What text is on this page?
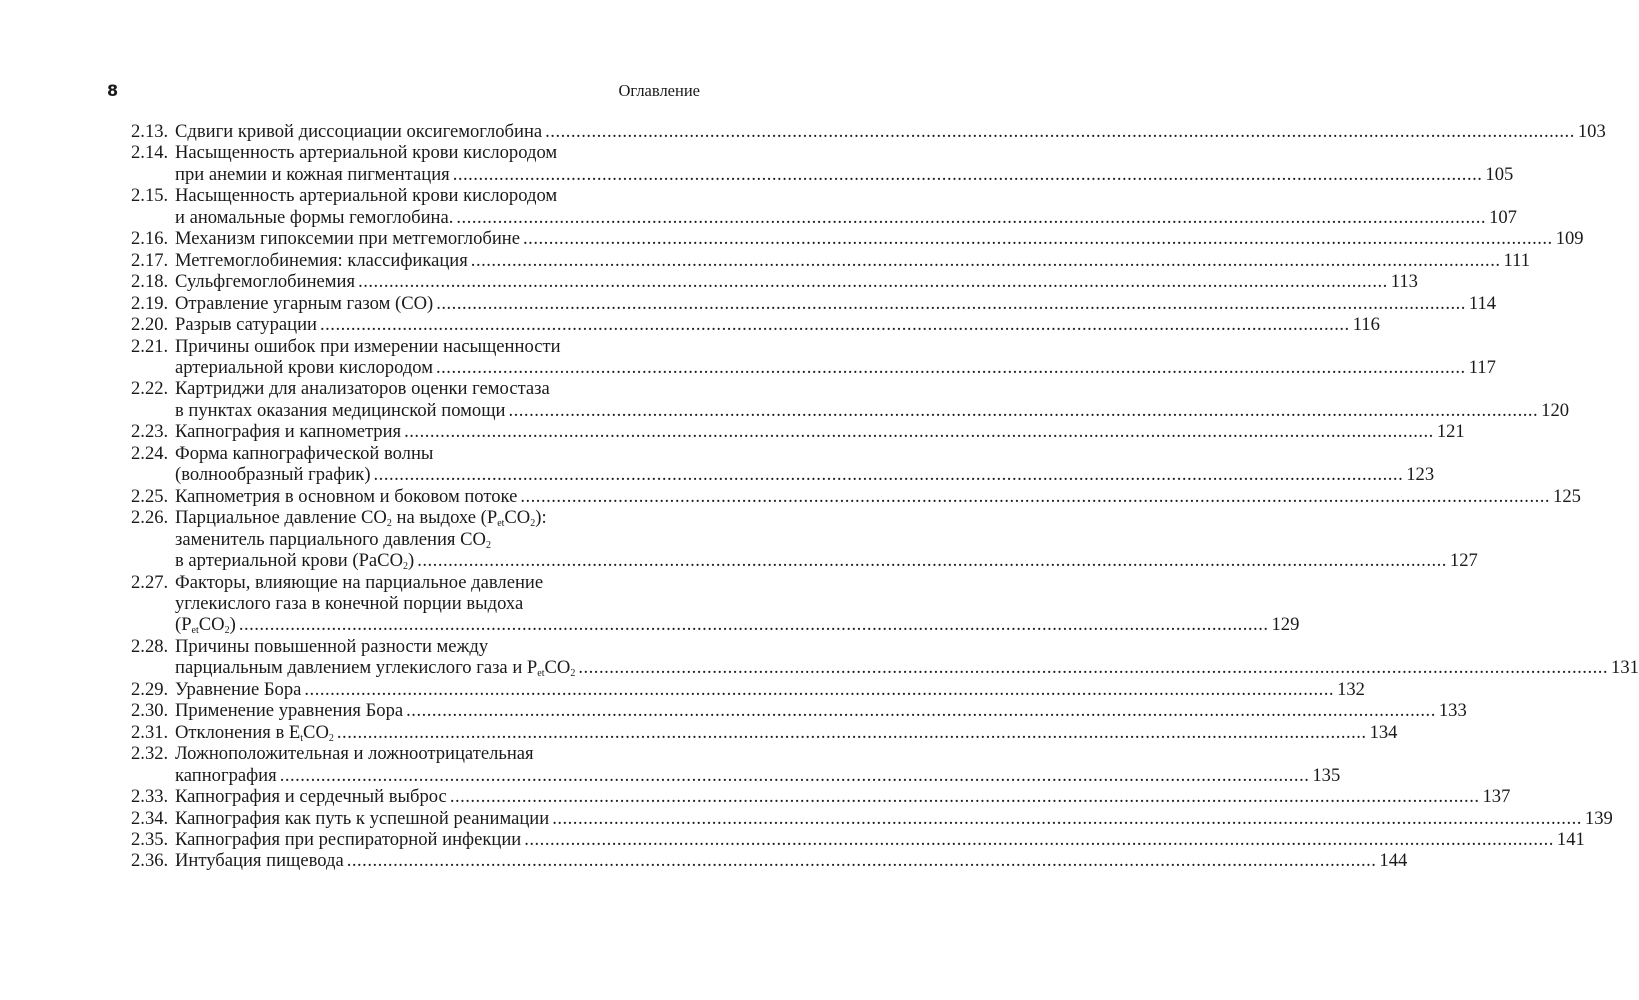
8	Оглавление
2.13. Сдвиги кривой диссоциации оксигемоглобина ........................................................................................................................................................................................................ 103
2.14. Насыщенность артериальной крови кислородом
при анемии и кожная пигментация ........................................................................................................................................................................................................ 105
2.15. Насыщенность артериальной крови кислородом
и аномальные формы гемоглобина. ........................................................................................................................................................................................................ 107
2.16. Механизм гипоксемии при метгемоглобине ........................................................................................................................................................................................................ 109
2.17. Метгемоглобинемия: классификация ........................................................................................................................................................................................................ 111
2.18. Сульфгемоглобинемия ........................................................................................................................................................................................................ 113
2.19. Отравление угарным газом (СО) ........................................................................................................................................................................................................ 114
2.20. Разрыв сатурации ........................................................................................................................................................................................................ 116
2.21. Причины ошибок при измерении насыщенности
артериальной крови кислородом ........................................................................................................................................................................................................ 117
2.22. Картриджи для анализаторов оценки гемостаза
в пунктах оказания медицинской помощи ........................................................................................................................................................................................................ 120
2.23. Капнография и капнометрия ........................................................................................................................................................................................................ 121
2.24. Форма капнографической волны
(волнообразный график) ........................................................................................................................................................................................................ 123
2.25. Капнометрия в основном и боковом потоке ........................................................................................................................................................................................................ 125
2.26. Парциальное давление $CO_2$ на выдохе $(P_{et}CO_2)$:
заменитель парциального давления $CO_2$
в артериальной крови (PaCO$_2$) ........................................................................................................................................................................................................ 127
2.27. Факторы, влияющие на парциальное давление
углекислого газа в конечной порции выдоха
$(P_{et}CO_2)$ ........................................................................................................................................................................................................ 129
2.28. Причины повышенной разности между
парциальным давлением углекислого газа и $P_{et}CO_2$ ........................................................................................................................................................................................................ 131
2.29. Уравнение Бора ........................................................................................................................................................................................................ 132
2.30. Применение уравнения Бора ........................................................................................................................................................................................................ 133
2.31. Отклонения в $E_tCO_2$ ........................................................................................................................................................................................................ 134
2.32. Ложноположительная и ложноотрицательная
капнография ........................................................................................................................................................................................................ 135
2.33. Капнография и сердечный выброс ........................................................................................................................................................................................................ 137
2.34. Капнография как путь к успешной реанимации ........................................................................................................................................................................................................ 139
2.35. Капнография при респираторной инфекции ........................................................................................................................................................................................................ 141
2.36. Интубация пищевода ........................................................................................................................................................................................................ 144
